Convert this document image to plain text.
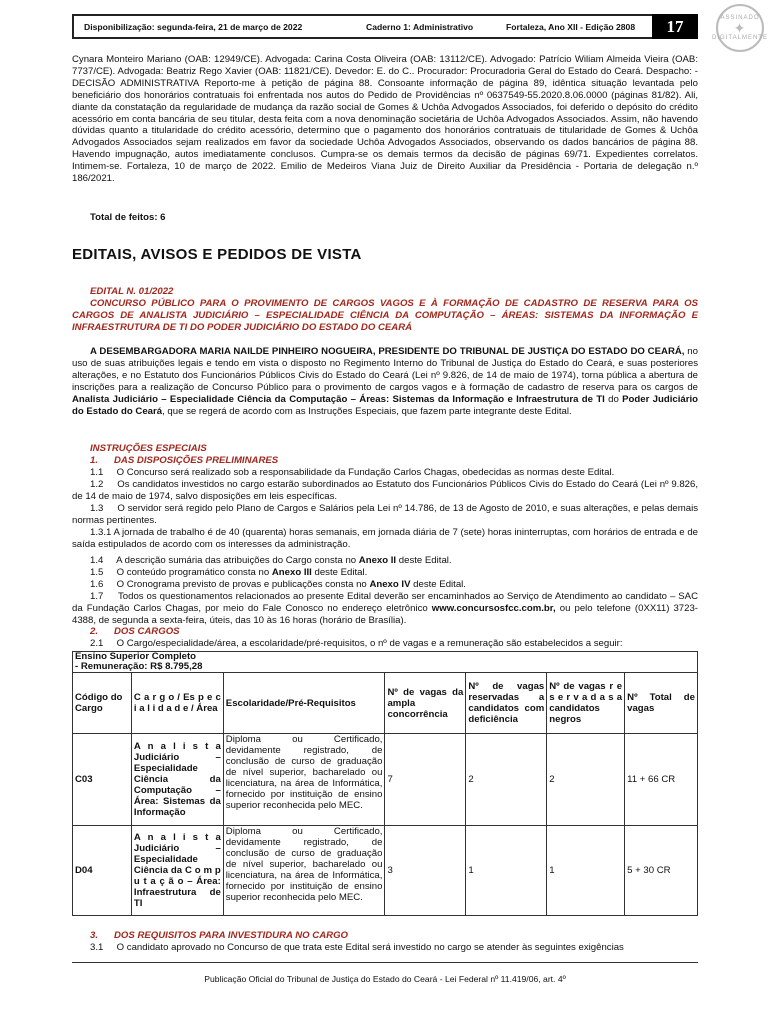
Disponibilização: segunda-feira, 21 de março de 2022	Caderno 1: Administrativo	Fortaleza, Ano XII - Edição 2808	17	ASSINADO
✦
DIGITALMENTE
Cynara Monteiro Mariano (OAB: 12949/CE). Advogada: Carina Costa Oliveira (OAB: 13112/CE). Advogado: Patrício Wiliam Almeida Vieira (OAB: 7737/CE). Advogada: Beatriz Rego Xavier (OAB: 11821/CE). Devedor: E. do C.. Procurador: Procuradoria Geral do Estado do Ceará. Despacho: - DECISÃO ADMINISTRATIVA Reporto-me à petição de página 88. Consoante informação de página 89, idêntica situação levantada pelo beneficiário dos honorários contratuais foi enfrentada nos autos do Pedido de Providências nº 0637549-55.2020.8.06.0000 (páginas 81/82). Ali, diante da constatação da regularidade de mudança da razão social de Gomes & Uchôa Advogados Associados, foi deferido o depósito do crédito acessório em conta bancária de seu titular, desta feita com a nova denominação societária de Uchôa Advogados Associados. Assim, não havendo dúvidas quanto a titularidade do crédito acessório, determino que o pagamento dos honorários contratuais de titularidade de Gomes & Uchôa Advogados Associados sejam realizados em favor da sociedade Uchôa Advogados Associados, observando os dados bancários de página 88. Havendo impugnação, autos imediatamente conclusos. Cumpra-se os demais termos da decisão de páginas 69/71. Expedientes correlatos. Intimem-se. Fortaleza, 10 de março de 2022. Emilio de Medeiros Viana Juiz de Direito Auxiliar da Presidência - Portaria de delegação n.º 186/2021.
Total de feitos: 6
EDITAIS, AVISOS E PEDIDOS DE VISTA
EDITAL N. 01/2022
CONCURSO PÚBLICO PARA O PROVIMENTO DE CARGOS VAGOS E À FORMAÇÃO DE CADASTRO DE RESERVA PARA OS CARGOS DE ANALISTA JUDICIÁRIO – ESPECIALIDADE CIÊNCIA DA COMPUTAÇÃO – ÁREAS: SISTEMAS DA INFORMAÇÃO E INFRAESTRUTURA DE TI DO PODER JUDICIÁRIO DO ESTADO DO CEARÁ
A DESEMBARGADORA MARIA NAILDE PINHEIRO NOGUEIRA, PRESIDENTE DO TRIBUNAL DE JUSTIÇA DO ESTADO DO CEARÁ, no uso de suas atribuições legais e tendo em vista o disposto no Regimento Interno do Tribunal de Justiça do Estado do Ceará, e suas posteriores alterações, e no Estatuto dos Funcionários Públicos Civis do Estado do Ceará (Lei nº 9.826, de 14 de maio de 1974), torna pública a abertura de inscrições para a realização de Concurso Público para o provimento de cargos vagos e à formação de cadastro de reserva para os cargos de Analista Judiciário – Especialidade Ciência da Computação – Áreas: Sistemas da Informação e Infraestrutura de TI do Poder Judiciário do Estado do Ceará, que se regerá de acordo com as Instruções Especiais, que fazem parte integrante deste Edital.
INSTRUÇÕES ESPECIAIS
1.      DAS DISPOSIÇÕES PRELIMINARES
1.1     O Concurso será realizado sob a responsabilidade da Fundação Carlos Chagas, obedecidas as normas deste Edital.
1.2     Os candidatos investidos no cargo estarão subordinados ao Estatuto dos Funcionários Públicos Civis do Estado do Ceará (Lei nº 9.826, de 14 de maio de 1974, salvo disposições em leis específicas.
1.3     O servidor será regido pelo Plano de Cargos e Salários pela Lei nº 14.786, de 13 de Agosto de 2010, e suas alterações, e pelas demais normas pertinentes.
1.3.1 A jornada de trabalho é de 40 (quarenta) horas semanais, em jornada diária de 7 (sete) horas ininterruptas, com horários de entrada e de saída estipulados de acordo com os interesses da administração.
1.4     A descrição sumária das atribuições do Cargo consta no Anexo II deste Edital.
1.5     O conteúdo programático consta no Anexo III deste Edital.
1.6     O Cronograma previsto de provas e publicações consta no Anexo IV deste Edital.
1.7     Todos os questionamentos relacionados ao presente Edital deverão ser encaminhados ao Serviço de Atendimento ao candidato – SAC da Fundação Carlos Chagas, por meio do Fale Conosco no endereço eletrônico www.concursosfcc.com.br, ou pelo telefone (0XX11) 3723-4388, de segunda a sexta-feira, úteis, das 10 às 16 horas (horário de Brasília).
2.      DOS CARGOS
2.1     O Cargo/especialidade/área, a escolaridade/pré-requisitos, o nº de vagas e a remuneração são estabelecidos a seguir:
Ensino Superior Completo
- Remuneração: R$ 8.795,28						

Código do Cargo	C a r g o / Es p e c i a l i d a d e / Área	Escolaridade/Pré-Requisitos	Nº de vagas da ampla concorrência	Nº de vagas reservadas a candidatos com deficiência	Nº de vagas r e s e r v a d a s a candidatos negros	Nº Total de vagas
C03	A n a l i s t a Judiciário – Especialidade Ciência da Computação – Área: Sistemas da Informação	Diploma ou Certificado, devidamente registrado, de conclusão de curso de graduação de nível superior, bacharelado ou licenciatura, na área de Informática, fornecido por instituição de ensino superior reconhecida pelo MEC.	7	2	2	11 + 66 CR
D04	A n a l i s t a Judiciário – Especialidade Ciência da C o m p u t a ç ã o – Área: Infraestrutura de TI	Diploma ou Certificado, devidamente registrado, de conclusão de curso de graduação de nível superior, bacharelado ou licenciatura, na área de Informática, fornecido por instituição de ensino superior reconhecida pelo MEC.	3	1	1	5 + 30 CR
3.      DOS REQUISITOS PARA INVESTIDURA NO CARGO
3.1     O candidato aprovado no Concurso de que trata este Edital será investido no cargo se atender às seguintes exigências
Publicação Oficial do Tribunal de Justiça do Estado do Ceará - Lei Federal nº 11.419/06, art. 4º
